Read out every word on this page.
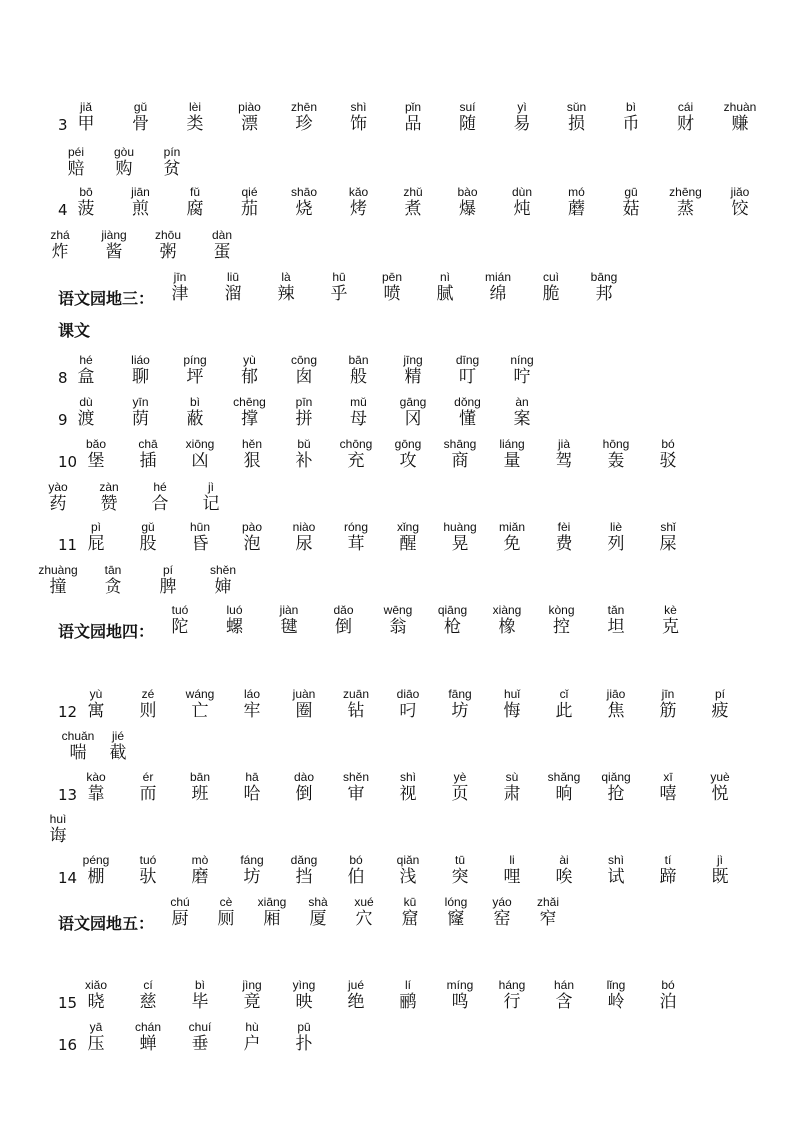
课文
3
jiǎ
甲
gǔ
骨
lèi
类
piào
漂
zhēn
珍
shì
饰
pǐn
品
suí
随
yì
易
sǔn
损
bì
币
cái
财
zhuàn
赚
péi
赔
gòu
购
pín
贫
4
bō
菠
jiān
煎
fǔ
腐
qié
茄
shāo
烧
kǎo
烤
zhǔ
煮
bào
爆
dùn
炖
mó
蘑
gū
菇
zhēng
蒸
jiǎo
饺
zhá
炸
jiàng
酱
zhōu
粥
dàn
蛋
语文园地三：
jīn
津
liū
溜
là
辣
hū
乎
pēn
喷
nì
腻
mián
绵
cuì
脆
bāng
邦
8
hé
盒
liáo
聊
píng
坪
yù
郁
cōng
囱
bān
般
jīng
精
dīng
叮
níng
咛
9
dù
渡
yīn
荫
bì
蔽
chēng
撑
pīn
拼
mǔ
母
gāng
冈
dǒng
懂
àn
案
10
bǎo
堡
chā
插
xiōng
凶
hěn
狠
bǔ
补
chōng
充
gōng
攻
shāng
商
liáng
量
jià
驾
hōng
轰
bó
驳
yào
药
zàn
赞
hé
合
jì
记
11
pì
屁
gǔ
股
hūn
昏
pào
泡
niào
尿
róng
茸
xǐng
醒
huàng
晃
miǎn
免
fèi
费
liè
列
shǐ
屎
zhuàng
撞
tān
贪
pí
脾
shěn
婶
语文园地四：
tuó
陀
luó
螺
jiàn
毽
dǎo
倒
wēng
翁
qiāng
枪
xiàng
橡
kòng
控
tǎn
坦
kè
克
12
yù
寓
zé
则
wáng
亡
láo
牢
juàn
圈
zuān
钻
diāo
叼
fāng
坊
huǐ
悔
cǐ
此
jiāo
焦
jīn
筋
pí
疲
chuǎn
喘
jié
截
13
kào
靠
ér
而
bān
班
hā
哈
dào
倒
shěn
审
shì
视
yè
页
sù
肃
shǎng
晌
qiǎng
抢
xī
嘻
yuè
悦
huì
诲
14
péng
棚
tuó
驮
mò
磨
fáng
坊
dǎng
挡
bó
伯
qiǎn
浅
tū
突
li
哩
ài
唉
shì
试
tí
蹄
jì
既
语文园地五：
chú
厨
cè
厕
xiāng
厢
shà
厦
xué
穴
kū
窟
lóng
窿
yáo
窑
zhǎi
窄
15
xiǎo
晓
cí
慈
bì
毕
jìng
竟
yìng
映
jué
绝
lí
鹂
míng
鸣
háng
行
hán
含
lǐng
岭
bó
泊
16
yā
压
chán
蝉
chuí
垂
hù
户
pū
扑
